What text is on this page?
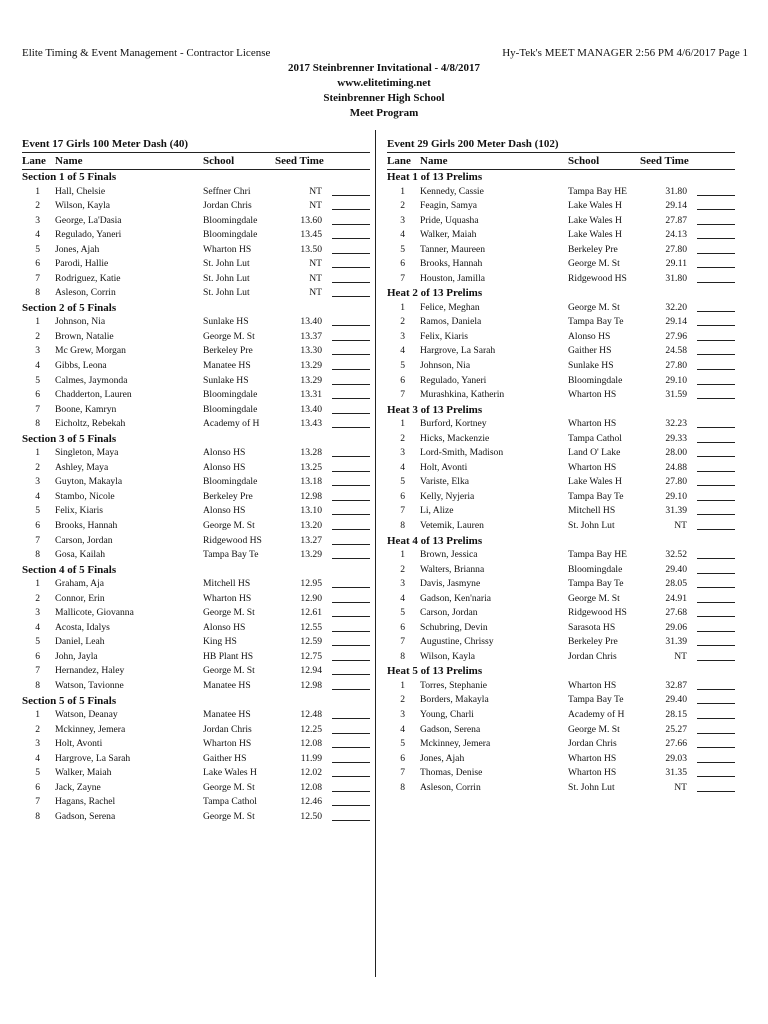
Elite Timing & Event Management - Contractor License	Hy-Tek's MEET MANAGER 2:56 PM 4/6/2017 Page 1
2017 Steinbrenner Invitational - 4/8/2017
www.elitetiming.net
Steinbrenner High School
Meet Program
Event 17 Girls 100 Meter Dash (40)
Lane Name	School	Seed Time
Section 1 of 5 Finals
1 Hall, Chelsie	Seffner Chri	NT
2 Wilson, Kayla	Jordan Chris	NT
3 George, La'Dasia	Bloomingdale	13.60
4 Regulado, Yaneri	Bloomingdale	13.45
5 Jones, Ajah	Wharton HS	13.50
6 Parodi, Hallie	St. John Lut	NT
7 Rodriguez, Katie	St. John Lut	NT
8 Asleson, Corrin	St. John Lut	NT
Section 2 of 5 Finals
1 Johnson, Nia	Sunlake HS	13.40
2 Brown, Natalie	George M. St	13.37
3 Mc Grew, Morgan	Berkeley Pre	13.30
4 Gibbs, Leona	Manatee HS	13.29
5 Calmes, Jaymonda	Sunlake HS	13.29
6 Chadderton, Lauren	Bloomingdale	13.31
7 Boone, Kamryn	Bloomingdale	13.40
8 Eicholtz, Rebekah	Academy of H	13.43
Section 3 of 5 Finals
1 Singleton, Maya	Alonso HS	13.28
2 Ashley, Maya	Alonso HS	13.25
3 Guyton, Makayla	Bloomingdale	13.18
4 Stambo, Nicole	Berkeley Pre	12.98
5 Felix, Kiaris	Alonso HS	13.10
6 Brooks, Hannah	George M. St	13.20
7 Carson, Jordan	Ridgewood HS	13.27
8 Gosa, Kailah	Tampa Bay Te	13.29
Section 4 of 5 Finals
1 Graham, Aja	Mitchell HS	12.95
2 Connor, Erin	Wharton HS	12.90
3 Mallicote, Giovanna	George M. St	12.61
4 Acosta, Idalys	Alonso HS	12.55
5 Daniel, Leah	King HS	12.59
6 John, Jayla	HB Plant HS	12.75
7 Hernandez, Haley	George M. St	12.94
8 Watson, Tavionne	Manatee HS	12.98
Section 5 of 5 Finals
1 Watson, Deanay	Manatee HS	12.48
2 Mckinney, Jemera	Jordan Chris	12.25
3 Holt, Avonti	Wharton HS	12.08
4 Hargrove, La Sarah	Gaither HS	11.99
5 Walker, Maiah	Lake Wales H	12.02
6 Jack, Zayne	George M. St	12.08
7 Hagans, Rachel	Tampa Cathol	12.46
8 Gadson, Serena	George M. St	12.50
Event 29 Girls 200 Meter Dash (102)
Lane Name	School	Seed Time
Heat 1 of 13 Prelims
1 Kennedy, Cassie	Tampa Bay HE	31.80
2 Feagin, Samya	Lake Wales H	29.14
3 Pride, Uquasha	Lake Wales H	27.87
4 Walker, Maiah	Lake Wales H	24.13
5 Tanner, Maureen	Berkeley Pre	27.80
6 Brooks, Hannah	George M. St	29.11
7 Houston, Jamilla	Ridgewood HS	31.80
Heat 2 of 13 Prelims
1 Felice, Meghan	George M. St	32.20
2 Ramos, Daniela	Tampa Bay Te	29.14
3 Felix, Kiaris	Alonso HS	27.96
4 Hargrove, La Sarah	Gaither HS	24.58
5 Johnson, Nia	Sunlake HS	27.80
6 Regulado, Yaneri	Bloomingdale	29.10
7 Murashkina, Katherin	Wharton HS	31.59
Heat 3 of 13 Prelims
1 Burford, Kortney	Wharton HS	32.23
2 Hicks, Mackenzie	Tampa Cathol	29.33
3 Lord-Smith, Madison	Land O' Lake	28.00
4 Holt, Avonti	Wharton HS	24.88
5 Variste, Elka	Lake Wales H	27.80
6 Kelly, Nyjeria	Tampa Bay Te	29.10
7 Li, Alize	Mitchell HS	31.39
8 Vetemik, Lauren	St. John Lut	NT
Heat 4 of 13 Prelims
1 Brown, Jessica	Tampa Bay HE	32.52
2 Walters, Brianna	Bloomingdale	29.40
3 Davis, Jasmyne	Tampa Bay Te	28.05
4 Gadson, Ken'naria	George M. St	24.91
5 Carson, Jordan	Ridgewood HS	27.68
6 Schubring, Devin	Sarasota HS	29.06
7 Augustine, Chrissy	Berkeley Pre	31.39
8 Wilson, Kayla	Jordan Chris	NT
Heat 5 of 13 Prelims
1 Torres, Stephanie	Wharton HS	32.87
2 Borders, Makayla	Tampa Bay Te	29.40
3 Young, Charli	Academy of H	28.15
4 Gadson, Serena	George M. St	25.27
5 Mckinney, Jemera	Jordan Chris	27.66
6 Jones, Ajah	Wharton HS	29.03
7 Thomas, Denise	Wharton HS	31.35
8 Asleson, Corrin	St. John Lut	NT
